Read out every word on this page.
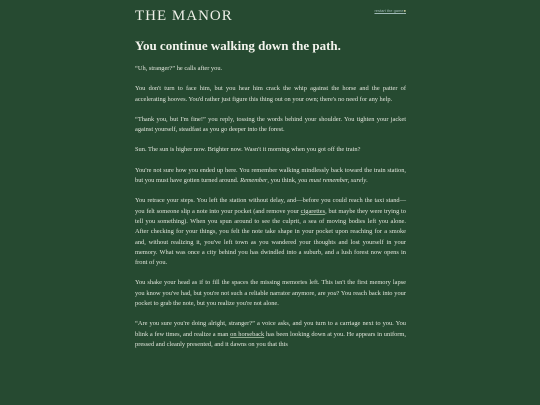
THE MANOR	restart the game●
You continue walking down the path.

“Uh, stranger?” he calls after you.

You don't turn to face him, but you hear him crack the whip against the horse and the patter of accelerating hooves. You'd rather just figure this thing out on your own; there's no need for any help.

“Thank you, but I'm fine!” you reply, tossing the words behind your shoulder. You tighten your jacket against yourself, steadfast as you go deeper into the forest.

Sun. The sun is higher now. Brighter now. Wasn't it morning when you got off the train?

You're not sure how you ended up here. You remember walking mindlessly back toward the train station, but you must have gotten turned around. Remember, you think, you must remember, surely.

You retrace your steps. You left the station without delay, and—before you could reach the taxi stand—you felt someone slip a note into your pocket (and remove your cigarettes, but maybe they were trying to tell you something). When you spun around to see the culprit, a sea of moving bodies left you alone. After checking for your things, you felt the note take shape in your pocket upon reaching for a smoke and, without realizing it, you've left town as you wandered your thoughts and lost yourself in your memory. What was once a city behind you has dwindled into a suburb, and a lush forest now opens in front of you.

You shake your head as if to fill the spaces the missing memories left. This isn't the first memory lapse you know you've had, but you're not such a reliable narrator anymore, are you? You reach back into your pocket to grab the note, but you realize you're not alone.

“Are you sure you're doing alright, stranger?” a voice asks, and you turn to a carriage next to you. You blink a few times, and realize a man on horseback has been looking down at you. He appears in uniform, pressed and cleanly presented, and it dawns on you that this
